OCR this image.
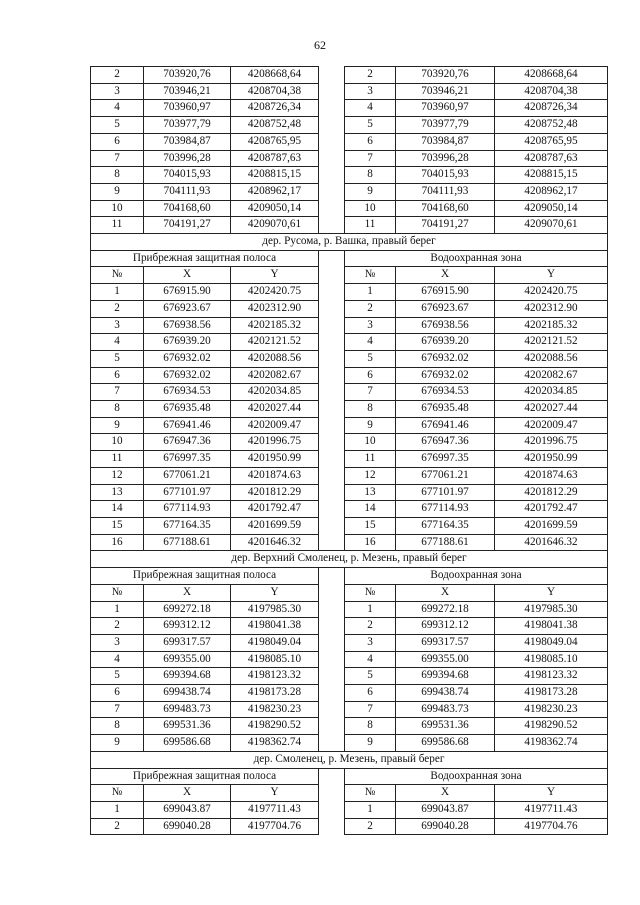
62
2	703920,76	4208668,64		2	703920,76	4208668,64
3	703946,21	4208704,38		3	703946,21	4208704,38
4	703960,97	4208726,34		4	703960,97	4208726,34
5	703977,79	4208752,48		5	703977,79	4208752,48
6	703984,87	4208765,95		6	703984,87	4208765,95
7	703996,28	4208787,63		7	703996,28	4208787,63
8	704015,93	4208815,15		8	704015,93	4208815,15
9	704111,93	4208962,17		9	704111,93	4208962,17
10	704168,60	4209050,14		10	704168,60	4209050,14
11	704191,27	4209070,61		11	704191,27	4209070,61
дер. Русома, р. Вашка, правый берег						
Прибрежная защитная полоса				Водоохранная зона		
№	X	Y		№	X	Y
1	676915.90	4202420.75		1	676915.90	4202420.75
2	676923.67	4202312.90		2	676923.67	4202312.90
3	676938.56	4202185.32		3	676938.56	4202185.32
4	676939.20	4202121.52		4	676939.20	4202121.52
5	676932.02	4202088.56		5	676932.02	4202088.56
6	676932.02	4202082.67		6	676932.02	4202082.67
7	676934.53	4202034.85		7	676934.53	4202034.85
8	676935.48	4202027.44		8	676935.48	4202027.44
9	676941.46	4202009.47		9	676941.46	4202009.47
10	676947.36	4201996.75		10	676947.36	4201996.75
11	676997.35	4201950.99		11	676997.35	4201950.99
12	677061.21	4201874.63		12	677061.21	4201874.63
13	677101.97	4201812.29		13	677101.97	4201812.29
14	677114.93	4201792.47		14	677114.93	4201792.47
15	677164.35	4201699.59		15	677164.35	4201699.59
16	677188.61	4201646.32		16	677188.61	4201646.32
дер. Верхний Смоленец, р. Мезень, правый берег						
Прибрежная защитная полоса				Водоохранная зона		
№	X	Y		№	X	Y
1	699272.18	4197985.30		1	699272.18	4197985.30
2	699312.12	4198041.38		2	699312.12	4198041.38
3	699317.57	4198049.04		3	699317.57	4198049.04
4	699355.00	4198085.10		4	699355.00	4198085.10
5	699394.68	4198123.32		5	699394.68	4198123.32
6	699438.74	4198173.28		6	699438.74	4198173.28
7	699483.73	4198230.23		7	699483.73	4198230.23
8	699531.36	4198290.52		8	699531.36	4198290.52
9	699586.68	4198362.74		9	699586.68	4198362.74
дер. Смоленец, р. Мезень, правый берег						
Прибрежная защитная полоса				Водоохранная зона		
№	X	Y		№	X	Y
1	699043.87	4197711.43		1	699043.87	4197711.43
2	699040.28	4197704.76		2	699040.28	4197704.76
